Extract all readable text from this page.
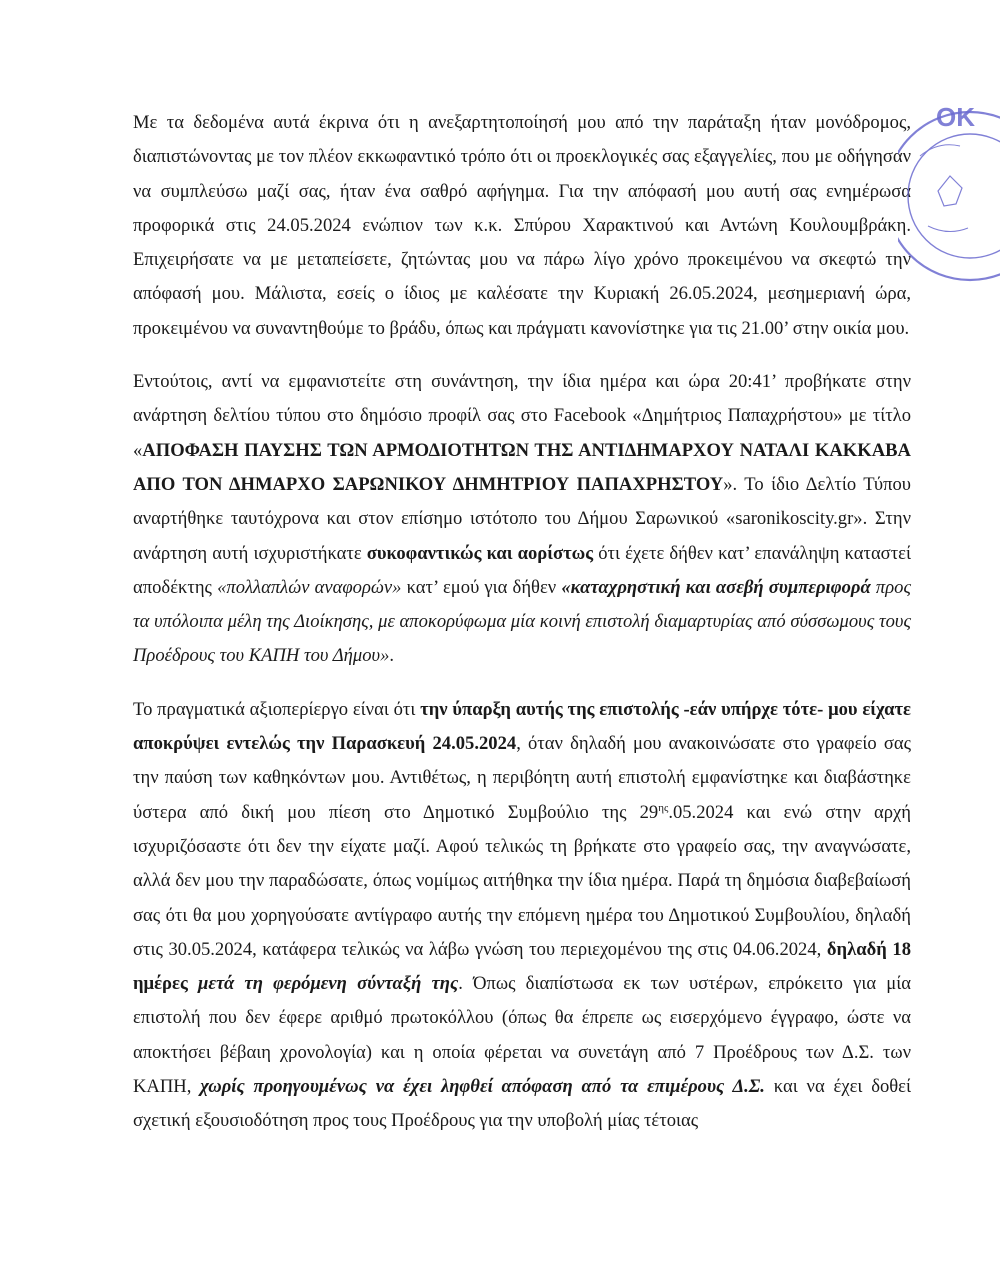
Με τα δεδομένα αυτά έκρινα ότι η ανεξαρτητοποίησή μου από την παράταξη ήταν μονόδρομος, διαπιστώνοντας με τον πλέον εκκωφαντικό τρόπο ότι οι προεκλογικές σας εξαγγελίες, που με οδήγησαν να συμπλεύσω μαζί σας, ήταν ένα σαθρό αφήγημα. Για την απόφασή μου αυτή σας ενημέρωσα προφορικά στις 24.05.2024 ενώπιον των κ.κ. Σπύρου Χαρακτινού και Αντώνη Κουλουμβράκη. Επιχειρήσατε να με μεταπείσετε, ζητώντας μου να πάρω λίγο χρόνο προκειμένου να σκεφτώ την απόφασή μου. Μάλιστα, εσείς ο ίδιος με καλέσατε την Κυριακή 26.05.2024, μεσημεριανή ώρα, προκειμένου να συναντηθούμε το βράδυ, όπως και πράγματι κανονίστηκε για τις 21.00’ στην οικία μου.

Εντούτοις, αντί να εμφανιστείτε στη συνάντηση, την ίδια ημέρα και ώρα 20:41’ προβήκατε στην ανάρτηση δελτίου τύπου στο δημόσιο προφίλ σας στο Facebook «Δημήτριος Παπαχρήστου» με τίτλο «ΑΠΟΦΑΣΗ ΠΑΥΣΗΣ ΤΩΝ ΑΡΜΟΔΙΟΤΗΤΩΝ ΤΗΣ ΑΝΤΙΔΗΜΑΡΧΟΥ ΝΑΤΑΛΙ ΚΑΚΚΑΒΑ ΑΠΟ ΤΟΝ ΔΗΜΑΡΧΟ ΣΑΡΩΝΙΚΟΥ ΔΗΜΗΤΡΙΟΥ ΠΑΠΑΧΡΗΣΤΟΥ». Το ίδιο Δελτίο Τύπου αναρτήθηκε ταυτόχρονα και στον επίσημο ιστότοπο του Δήμου Σαρωνικού «saronikoscity.gr». Στην ανάρτηση αυτή ισχυριστήκατε συκοφαντικώς και αορίστως ότι έχετε δήθεν κατ’ επανάληψη καταστεί αποδέκτης «πολλαπλών αναφορών» κατ’ εμού για δήθεν «καταχρηστική και ασεβή συμπεριφορά προς τα υπόλοιπα μέλη της Διοίκησης, με αποκορύφωμα μία κοινή επιστολή διαμαρτυρίας από σύσσωμους τους Προέδρους του ΚΑΠΗ του Δήμου».

Το πραγματικά αξιοπερίεργο είναι ότι την ύπαρξη αυτής της επιστολής -εάν υπήρχε τότε- μου είχατε αποκρύψει εντελώς την Παρασκευή 24.05.2024, όταν δηλαδή μου ανακοινώσατε στο γραφείο σας την παύση των καθηκόντων μου. Αντιθέτως, η περιβόητη αυτή επιστολή εμφανίστηκε και διαβάστηκε ύστερα από δική μου πίεση στο Δημοτικό Συμβούλιο της $29^{\eta\varsigma}.05.2024$ και ενώ στην αρχή ισχυριζόσαστε ότι δεν την είχατε μαζί. Αφού τελικώς τη βρήκατε στο γραφείο σας, την αναγνώσατε, αλλά δεν μου την παραδώσατε, όπως νομίμως αιτήθηκα την ίδια ημέρα. Παρά τη δημόσια διαβεβαίωσή σας ότι θα μου χορηγούσατε αντίγραφο αυτής την επόμενη ημέρα του Δημοτικού Συμβουλίου, δηλαδή στις 30.05.2024, κατάφερα τελικώς να λάβω γνώση του περιεχομένου της στις 04.06.2024, δηλαδή 18 ημέρες μετά τη φερόμενη σύνταξή της. Όπως διαπίστωσα εκ των υστέρων, επρόκειτο για μία επιστολή που δεν έφερε αριθμό πρωτοκόλλου (όπως θα έπρεπε ως εισερχόμενο έγγραφο, ώστε να αποκτήσει βέβαιη χρονολογία) και η οποία φέρεται να συνετάγη από 7 Προέδρους των Δ.Σ. των ΚΑΠΗ, χωρίς προηγουμένως να έχει ληφθεί απόφαση από τα επιμέρους Δ.Σ. και να έχει δοθεί σχετική εξουσιοδότηση προς τους Προέδρους για την υποβολή μίας τέτοιας

ΟΚ
